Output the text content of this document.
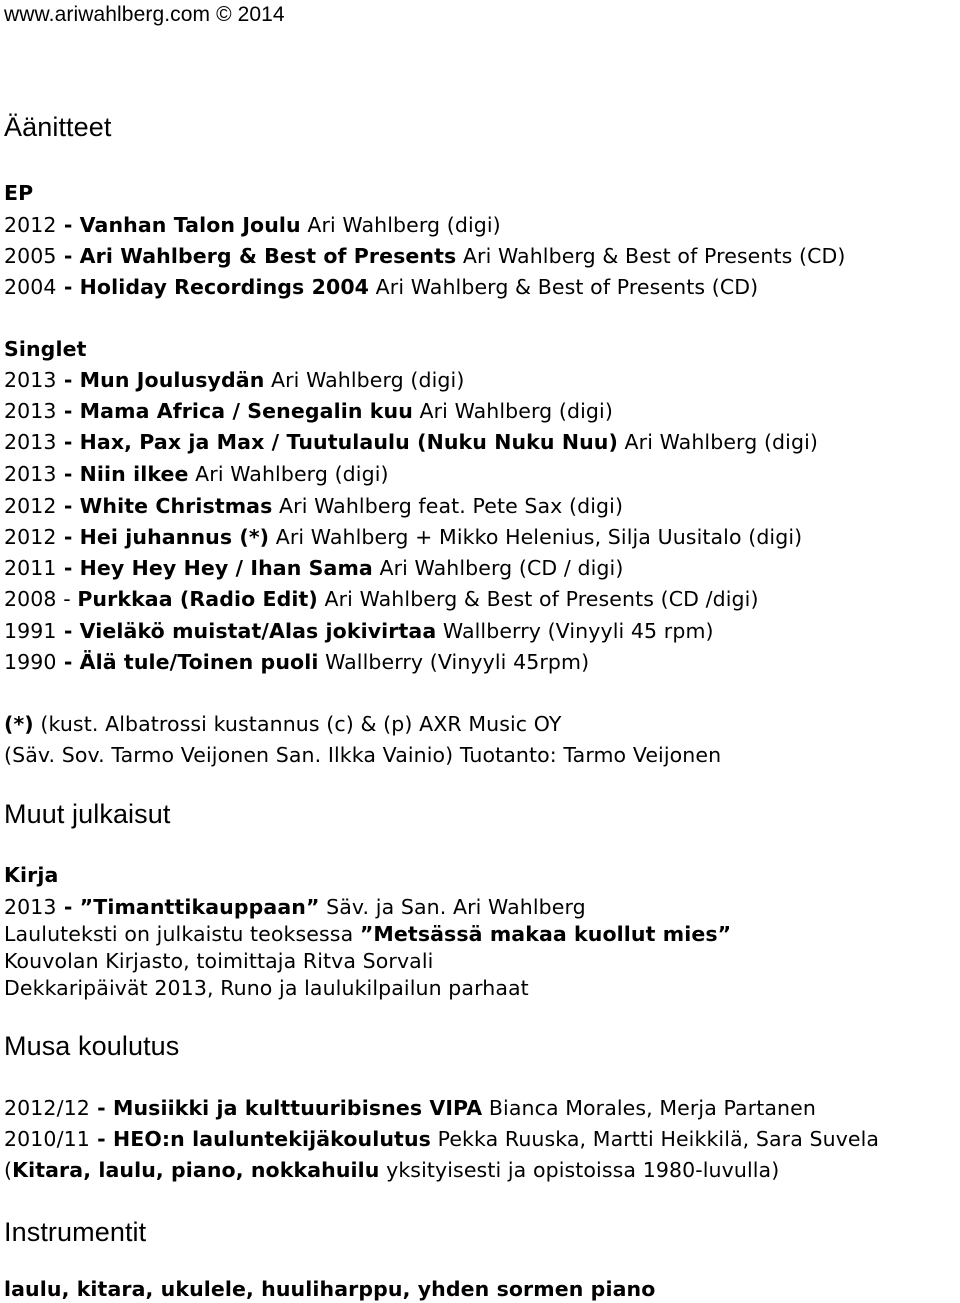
www.ariwahlberg.com © 2014
Äänitteet
EP
2012 - Vanhan Talon Joulu Ari Wahlberg (digi)
2005 - Ari Wahlberg & Best of Presents Ari Wahlberg & Best of Presents (CD)
2004 - Holiday Recordings 2004 Ari Wahlberg & Best of Presents (CD)
Singlet
2013 - Mun Joulusydän Ari Wahlberg (digi)
2013 - Mama Africa / Senegalin kuu Ari Wahlberg (digi)
2013 - Hax, Pax ja Max / Tuutulaulu (Nuku Nuku Nuu) Ari Wahlberg (digi)
2013 - Niin ilkee Ari Wahlberg (digi)
2012 - White Christmas Ari Wahlberg feat. Pete Sax (digi)
2012 - Hei juhannus (*) Ari Wahlberg + Mikko Helenius, Silja Uusitalo (digi)
2011 - Hey Hey Hey / Ihan Sama Ari Wahlberg (CD / digi)
2008 - Purkkaa (Radio Edit) Ari Wahlberg & Best of Presents (CD /digi)
1991 - Vieläkö muistat/Alas jokivirtaa Wallberry (Vinyyli 45 rpm)
1990 - Älä tule/Toinen puoli Wallberry (Vinyyli 45rpm)
(*) (kust. Albatrossi kustannus (c) & (p) AXR Music OY
(Säv. Sov. Tarmo Veijonen San. Ilkka Vainio) Tuotanto: Tarmo Veijonen
Muut julkaisut
Kirja
2013 - ”Timanttikauppaan” Säv. ja San. Ari Wahlberg
Lauluteksti on julkaistu teoksessa ”Metsässä makaa kuollut mies”
Kouvolan Kirjasto, toimittaja Ritva Sorvali
Dekkaripäivät 2013, Runo ja laulukilpailun parhaat
Musa koulutus
2012/12 - Musiikki ja kulttuuribisnes VIPA Bianca Morales, Merja Partanen
2010/11 - HEO:n lauluntekijäkoulutus Pekka Ruuska, Martti Heikkilä, Sara Suvela
(Kitara, laulu, piano, nokkahuilu yksityisesti ja opistoissa 1980-luvulla)
Instrumentit
laulu, kitara, ukulele, huuliharppu, yhden sormen piano
